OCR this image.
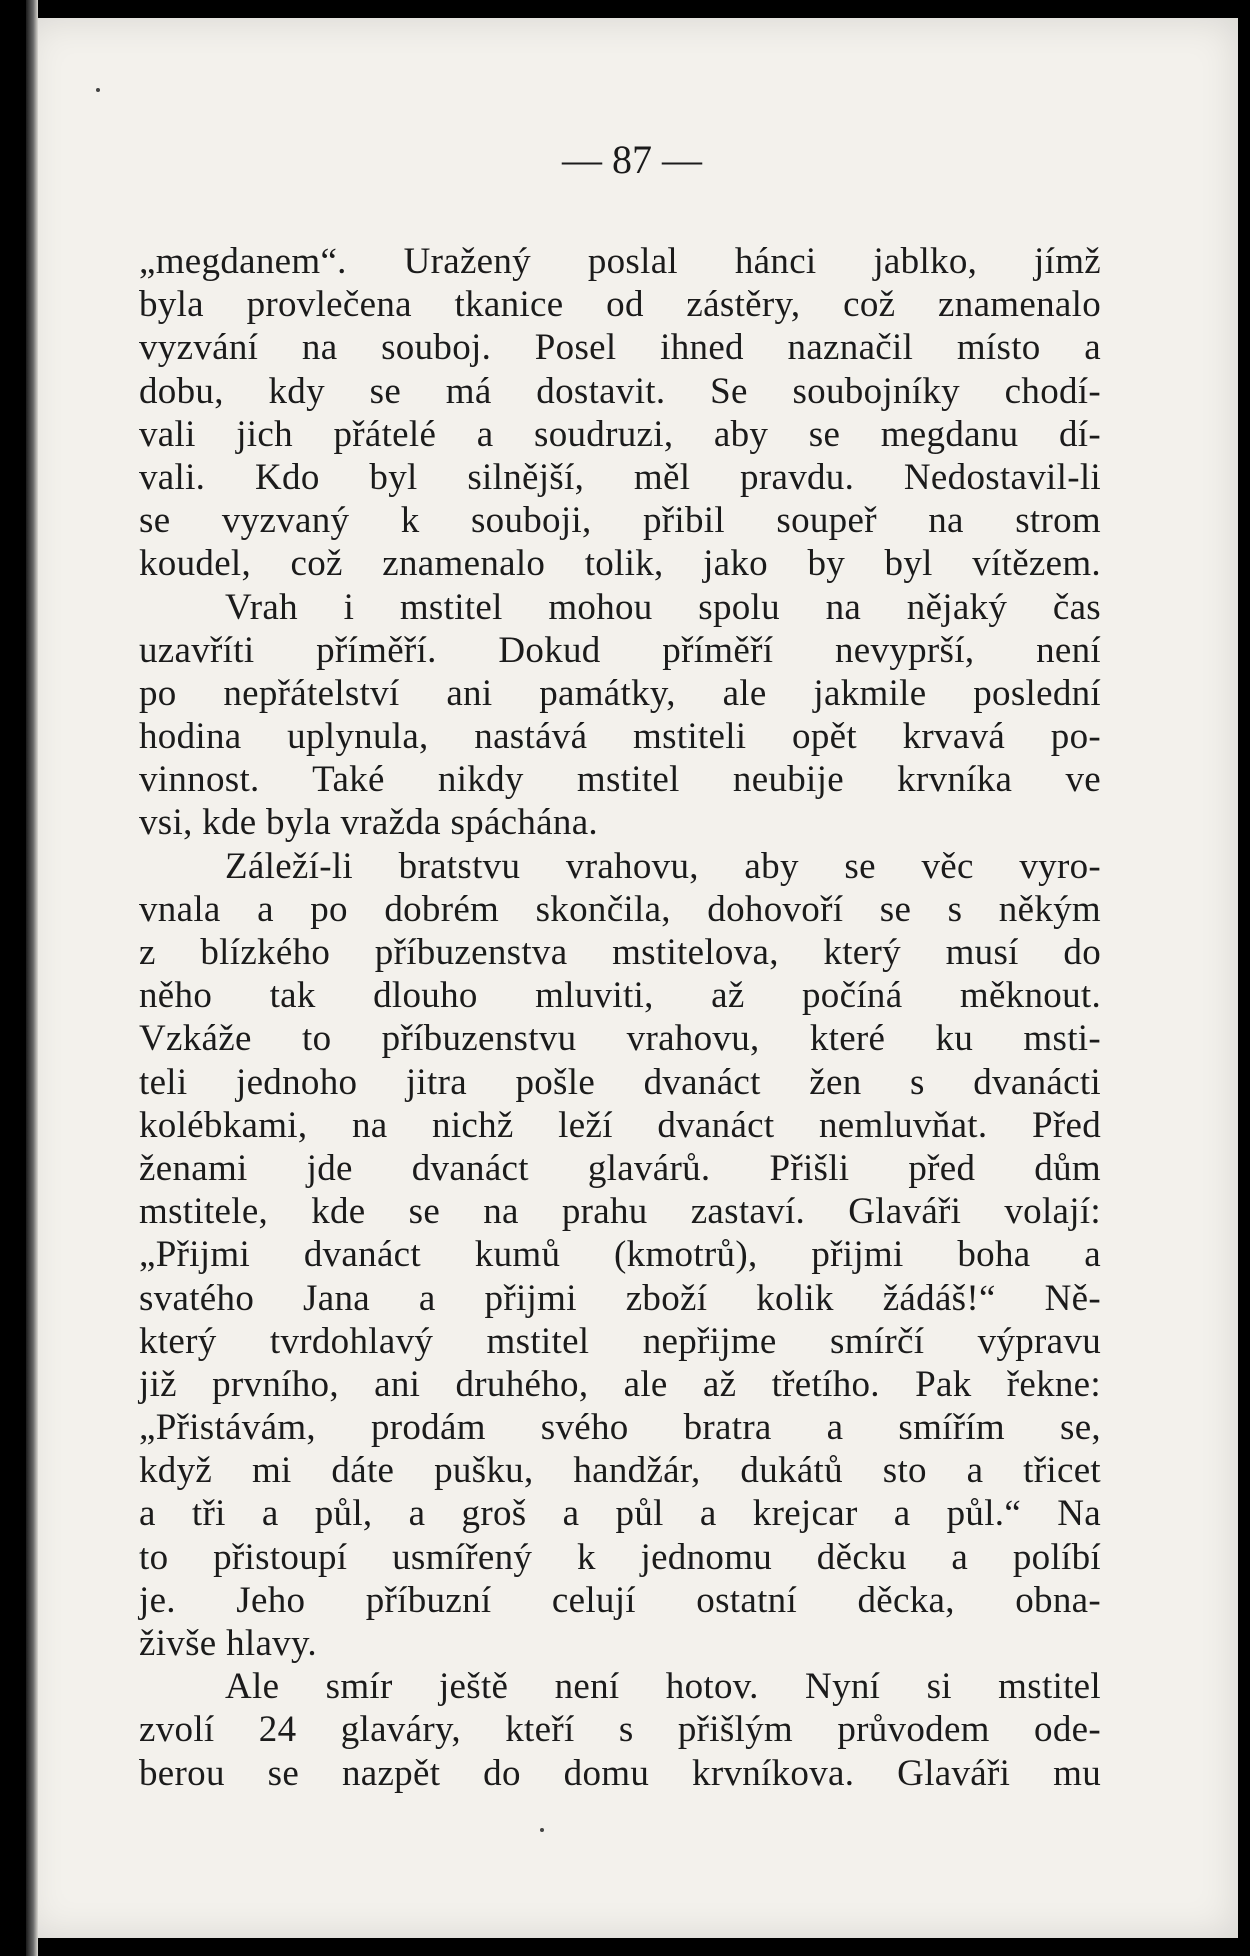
— 87 —
„megdanem“. Uražený poslal hánci jablko, jímž
byla provlečena tkanice od zástěry, což znamenalo
vyzvání na souboj. Posel ihned naznačil místo a
dobu, kdy se má dostavit. Se soubojníky chodí-
vali jich přátelé a soudruzi, aby se megdanu dí-
vali. Kdo byl silnější, měl pravdu. Nedostavil-li
se vyzvaný k souboji, přibil soupeř na strom
koudel, což znamenalo tolik, jako by byl vítězem.
Vrah i mstitel mohou spolu na nějaký čas
uzavříti příměří. Dokud příměří nevyprší, není
po nepřátelství ani památky, ale jakmile poslední
hodina uplynula, nastává mstiteli opět krvavá po-
vinnost. Také nikdy mstitel neubije krvníka ve
vsi, kde byla vražda spáchána.
Záleží-li bratstvu vrahovu, aby se věc vyro-
vnala a po dobrém skončila, dohovoří se s někým
z blízkého příbuzenstva mstitelova, který musí do
něho tak dlouho mluviti, až počíná měknout.
Vzkáže to příbuzenstvu vrahovu, které ku msti-
teli jednoho jitra pošle dvanáct žen s dvanácti
kolébkami, na nichž leží dvanáct nemluvňat. Před
ženami jde dvanáct glavárů. Přišli před dům
mstitele, kde se na prahu zastaví. Glaváři volají:
„Přijmi dvanáct kumů (kmotrů), přijmi boha a
svatého Jana a přijmi zboží kolik žádáš!“ Ně-
který tvrdohlavý mstitel nepřijme smírčí výpravu
již prvního, ani druhého, ale až třetího. Pak řekne:
„Přistávám, prodám svého bratra a smířím se,
když mi dáte pušku, handžár, dukátů sto a třicet
a tři a půl, a groš a půl a krejcar a půl.“ Na
to přistoupí usmířený k jednomu děcku a políbí
je. Jeho příbuzní celují ostatní děcka, obna-
živše hlavy.
Ale smír ještě není hotov. Nyní si mstitel
zvolí 24 glaváry, kteří s přišlým průvodem ode-
berou se nazpět do domu krvníkova. Glaváři mu
